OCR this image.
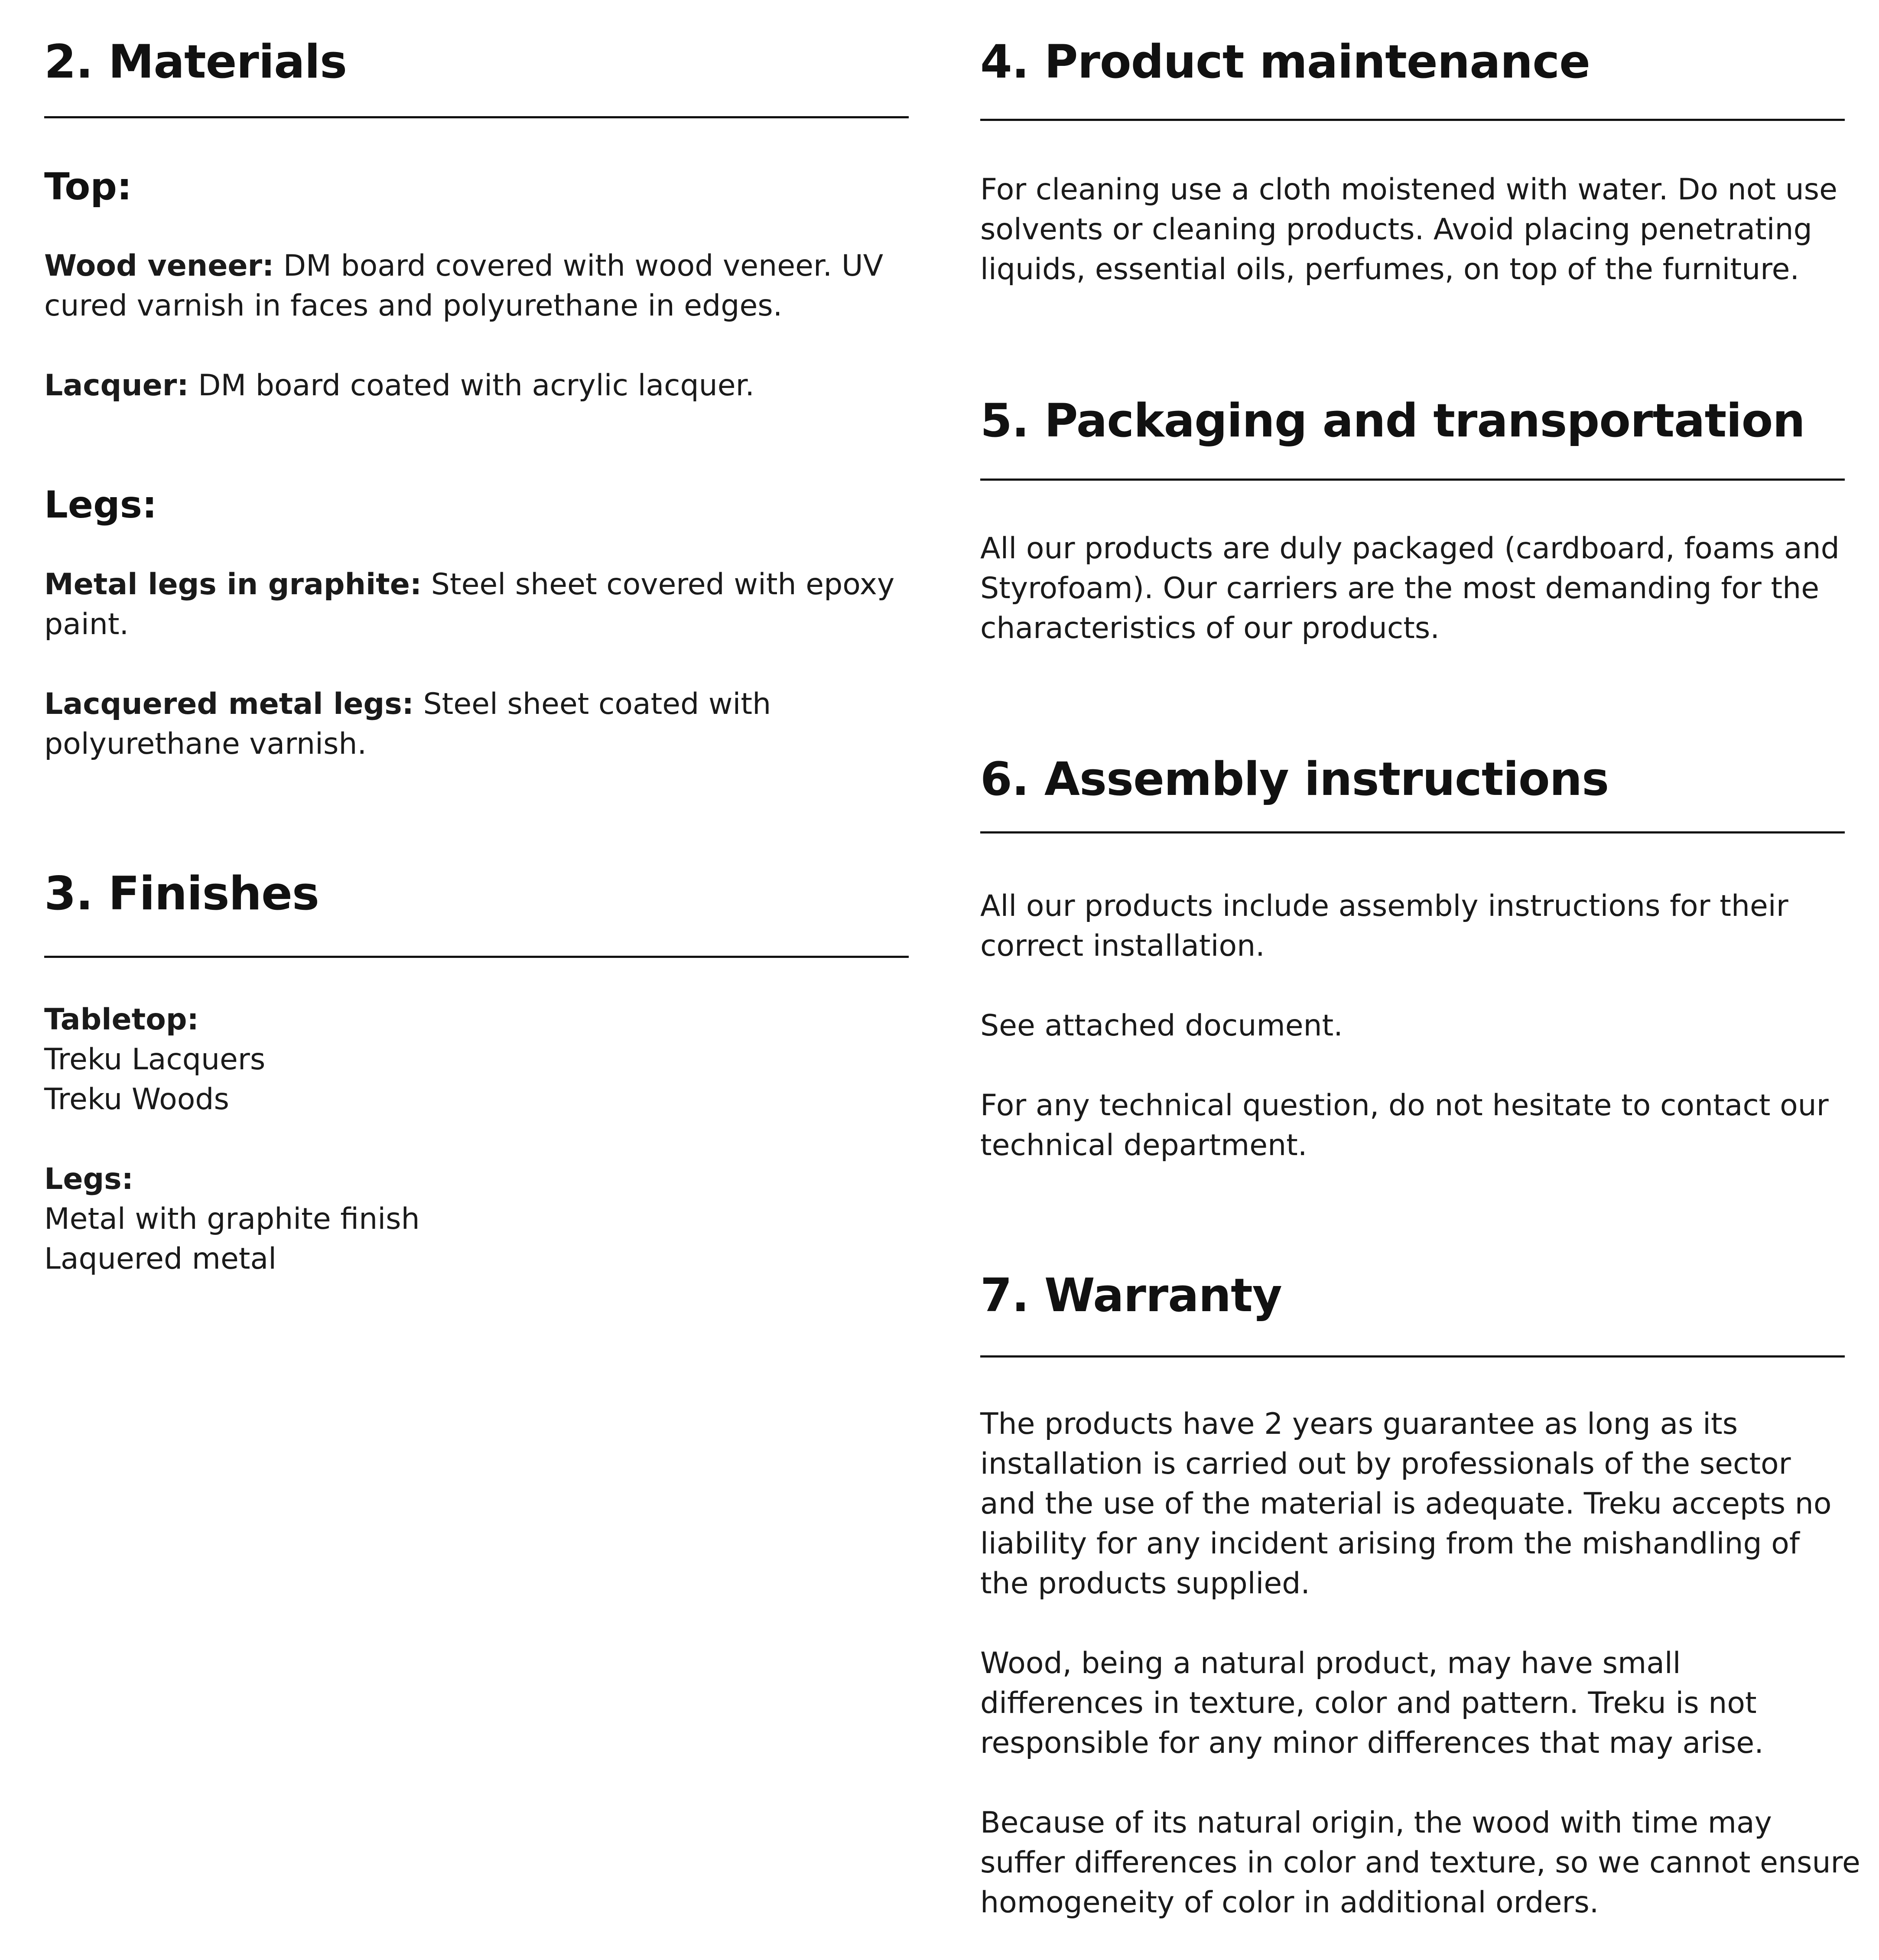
2. Materials
Top:

Wood veneer: DM board covered with wood veneer. UV

cured varnish in faces and polyurethane in edges.

Lacquer: DM board coated with acrylic lacquer.

Legs:

Metal legs in graphite: Steel sheet covered with epoxy

paint.

Lacquered metal legs: Steel sheet coated with

polyurethane varnish.

3. Finishes

Tabletop:

Treku Lacquers

Treku Woods

Legs:

Metal with graphite finish

Laquered metal

4. Product maintenance

For cleaning use a cloth moistened with water. Do not use

solvents or cleaning products. Avoid placing penetrating

liquids, essential oils, perfumes, on top of the furniture.

5. Packaging and transportation

All our products are duly packaged (cardboard, foams and

Styrofoam). Our carriers are the most demanding for the

characteristics of our products.

6. Assembly instructions

All our products include assembly instructions for their

correct installation.

See attached document.

For any technical question, do not hesitate to contact our

technical department.

7. Warranty

The products have 2 years guarantee as long as its

installation is carried out by professionals of the sector

and the use of the material is adequate. Treku accepts no

liability for any incident arising from the mishandling of

the products supplied.

Wood, being a natural product, may have small

differences in texture, color and pattern. Treku is not

responsible for any minor differences that may arise.

Because of its natural origin, the wood with time may

suffer differences in color and texture, so we cannot ensure

homogeneity of color in additional orders.
